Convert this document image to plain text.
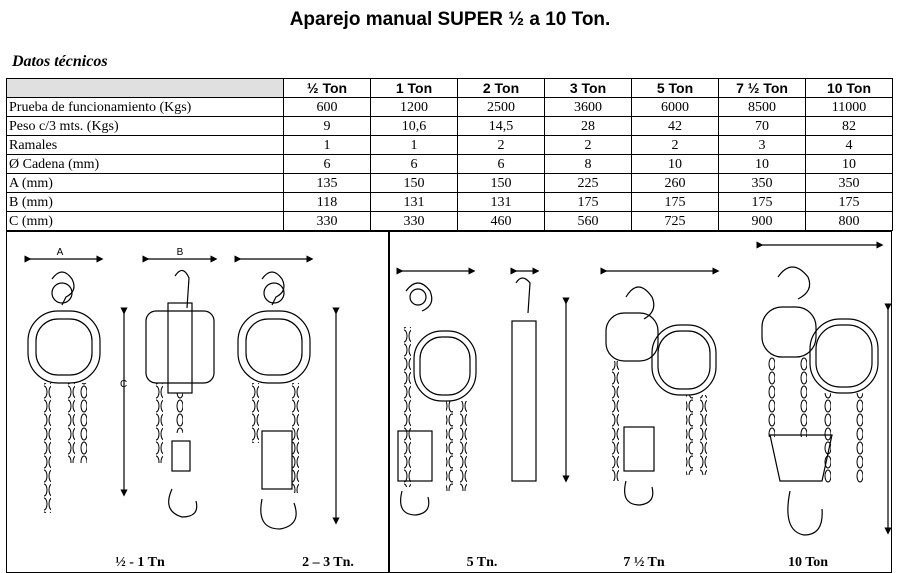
Aparejo manual SUPER ½ a 10 Ton.
Datos técnicos
	½ Ton	1 Ton	2 Ton	3 Ton	5 Ton	7 ½ Ton	10 Ton
Prueba de funcionamiento (Kgs)	600	1200	2500	3600	6000	8500	11000
Peso c/3 mts. (Kgs)	9	10,6	14,5	28	42	70	82
Ramales	1	1	2	2	2	3	4
Ø Cadena (mm)	6	6	6	8	10	10	10
A (mm)	135	150	150	225	260	350	350
B (mm)	118	131	131	175	175	175	175
C (mm)	330	330	460	560	725	900	800
A
C
B
½ - 1 Tn	2 – 3 Tn.	5 Tn.	7 ½ Tn	10 Ton
